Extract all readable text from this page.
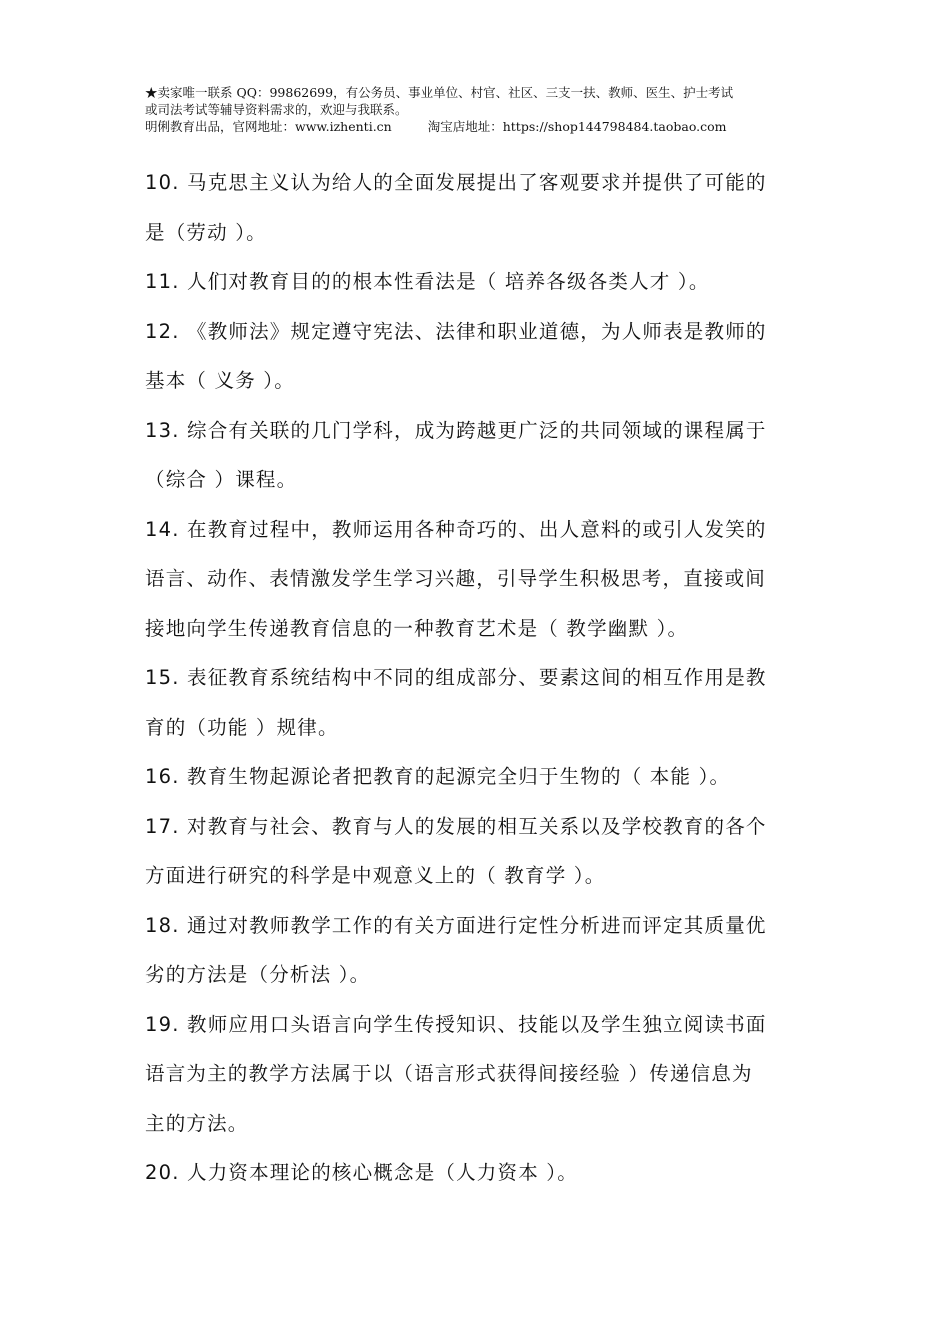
★卖家唯一联系 QQ：99862699，有公务员、事业单位、村官、社区、三支一扶、教师、医生、护士考试
或司法考试等辅导资料需求的，欢迎与我联系。
明俐教育出品，官网地址：www.izhenti.cn	淘宝店地址：https://shop144798484.taobao.com
10. 马克思主义认为给人的全面发展提出了客观要求并提供了可能的
是（劳动 ）。
11. 人们对教育目的的根本性看法是（ 培养各级各类人才 ）。
12. 《教师法》规定遵守宪法、法律和职业道德，为人师表是教师的
基本（ 义务 ）。
13. 综合有关联的几门学科，成为跨越更广泛的共同领域的课程属于
（综合 ）课程。
14. 在教育过程中，教师运用各种奇巧的、出人意料的或引人发笑的
语言、动作、表情激发学生学习兴趣，引导学生积极思考，直接或间
接地向学生传递教育信息的一种教育艺术是（ 教学幽默 ）。
15. 表征教育系统结构中不同的组成部分、要素这间的相互作用是教
育的（功能 ）规律。
16. 教育生物起源论者把教育的起源完全归于生物的（ 本能 ）。
17. 对教育与社会、教育与人的发展的相互关系以及学校教育的各个
方面进行研究的科学是中观意义上的（ 教育学 ）。
18. 通过对教师教学工作的有关方面进行定性分析进而评定其质量优
劣的方法是（分析法 ）。
19. 教师应用口头语言向学生传授知识、技能以及学生独立阅读书面
语言为主的教学方法属于以（语言形式获得间接经验 ）传递信息为
主的方法。
20. 人力资本理论的核心概念是（人力资本 ）。
